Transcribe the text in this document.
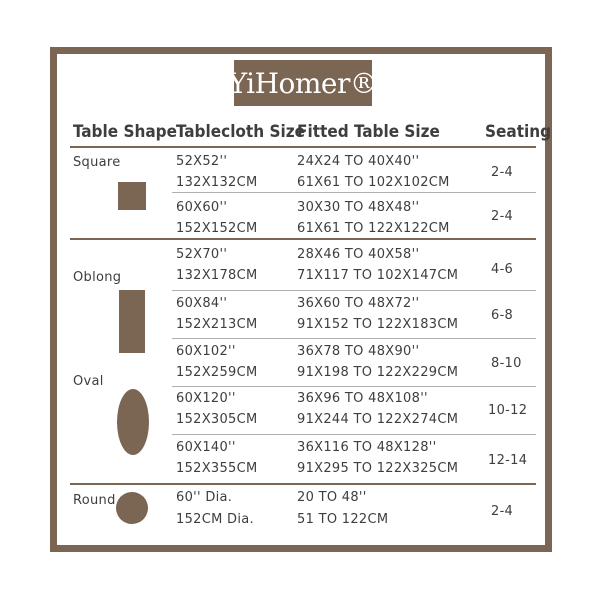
YiHomer®
Table Shape Tablecloth Size
Fitted Table Size	Seating
Square
Oblong
Oval
Round
52X52''
132X132CM
24X24 TO 40X40''
61X61 TO 102X102CM
2-4
60X60''
152X152CM
30X30 TO 48X48''
61X61 TO 122X122CM
2-4
52X70''
132X178CM
28X46 TO 40X58''
71X117 TO 102X147CM	4-6
60X84''
152X213CM
36X60 TO 48X72''
91X152 TO 122X183CM
6-8
60X102''
152X259CM
36X78 TO 48X90''
91X198 TO 122X229CM
8-10
60X120''
152X305CM
36X96 TO 48X108''
91X244 TO 122X274CM
10-12
60X140''
152X355CM
36X116 TO 48X128''
91X295 TO 122X325CM
12-14
60'' Dia.
152CM Dia.
20 TO 48''
51 TO 122CM
2-4
